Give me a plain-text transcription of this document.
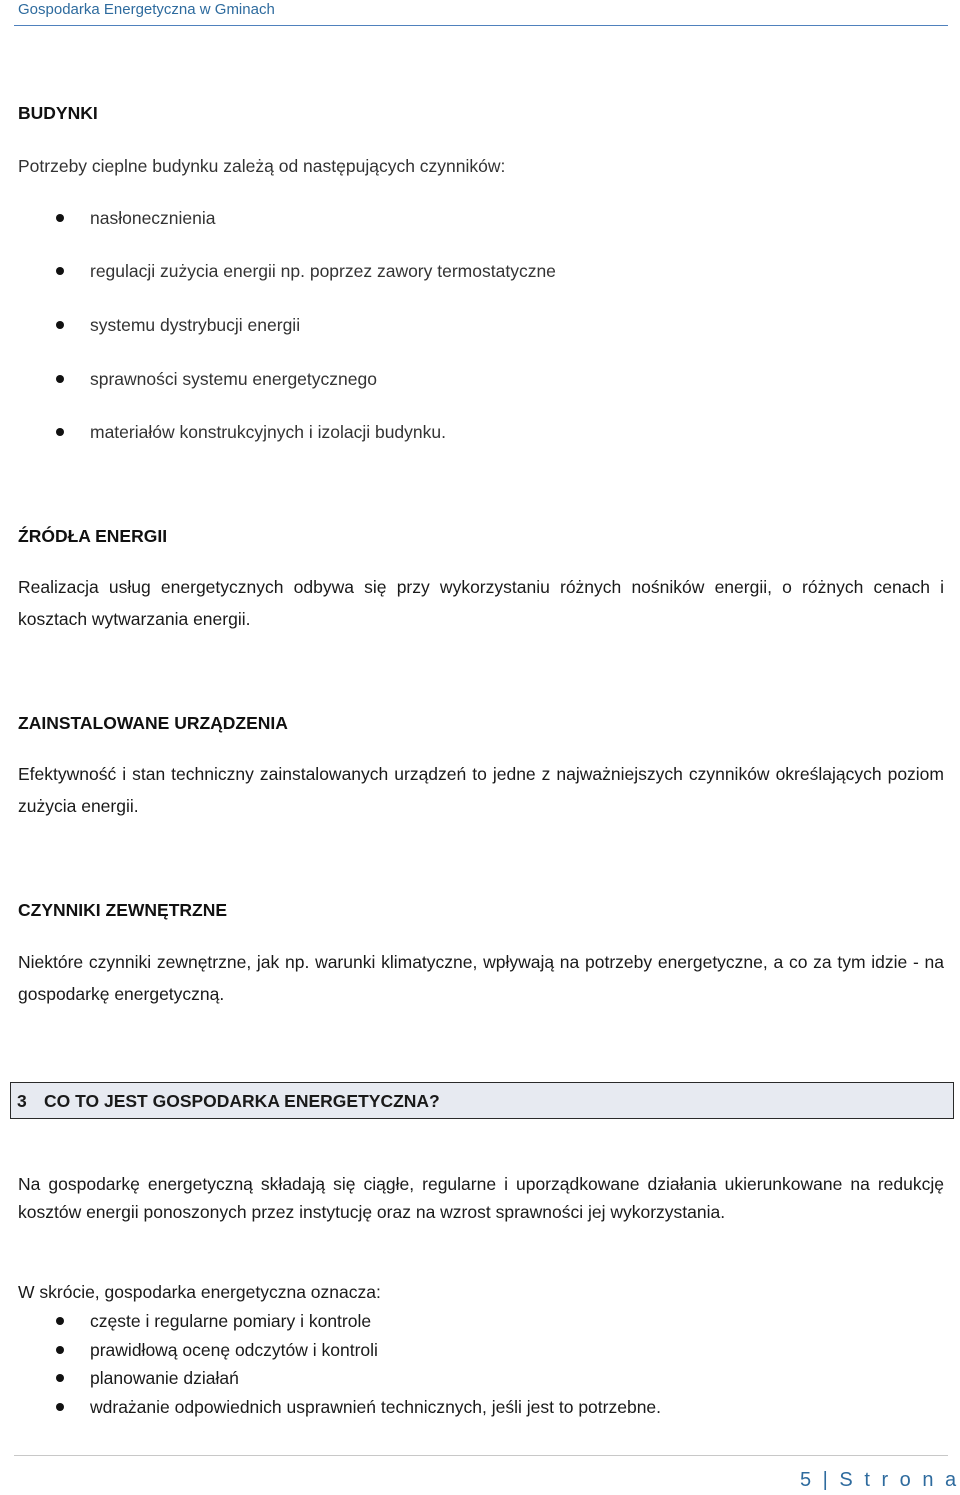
Gospodarka Energetyczna w Gminach
BUDYNKI
Potrzeby cieplne budynku zależą od następujących czynników:
nasłonecznienia
regulacji zużycia energii np. poprzez zawory termostatyczne
systemu dystrybucji energii
sprawności systemu energetycznego
materiałów konstrukcyjnych i izolacji budynku.
ŹRÓDŁA ENERGII

Realizacja usług energetycznych odbywa się przy wykorzystaniu różnych nośników energii, o różnych cenach i kosztach wytwarzania energii.

ZAINSTALOWANE URZĄDZENIA

Efektywność i stan techniczny zainstalowanych urządzeń to jedne z najważniejszych czynników określających poziom zużycia energii.

CZYNNIKI ZEWNĘTRZNE

Niektóre czynniki zewnętrzne, jak np. warunki klimatyczne, wpływają na potrzeby energetyczne, a co za tym idzie - na gospodarkę energetyczną.

3 CO TO JEST GOSPODARKA ENERGETYCZNA?

Na gospodarkę energetyczną składają się ciągłe, regularne i uporządkowane działania ukierunkowane na redukcję kosztów energii ponoszonych przez instytucję oraz na wzrost sprawności jej wykorzystania.

W skrócie, gospodarka energetyczna oznacza:
częste i regularne pomiary i kontrole
prawidłową ocenę odczytów i kontroli
planowanie działań
wdrażanie odpowiednich usprawnień technicznych, jeśli jest to potrzebne.
5 | S t r o n a
